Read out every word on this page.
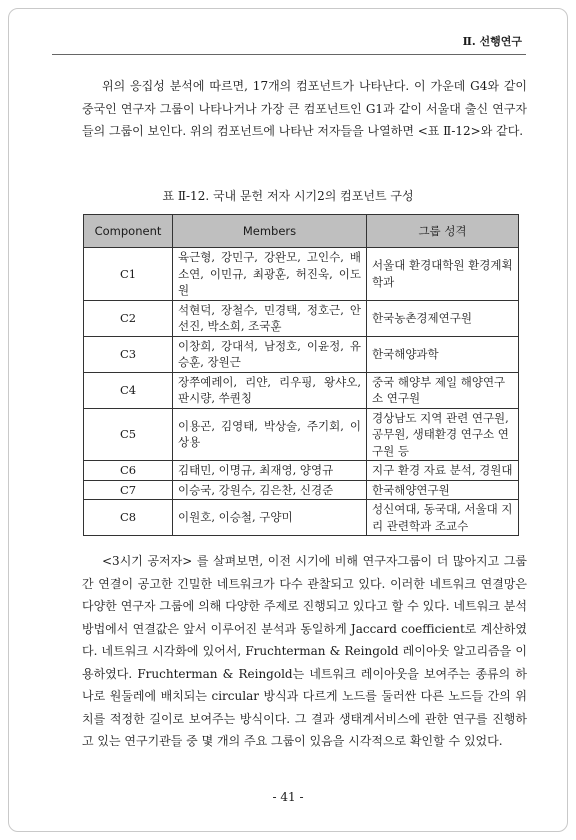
Ⅱ. 선행연구

위의 응집성 분석에 따르면, 17개의 컴포넌트가 나타난다. 이 가운데 G4와 같이 중국인 연구자 그룹이 나타나거나 가장 큰 컴포넌트인 G1과 같이 서울대 출신 연구자들의 그룹이 보인다. 위의 컴포넌트에 나타난 저자들을 나열하면 <표 Ⅱ-12>와 같다.

표 Ⅱ-12. 국내 문헌 저자 시기2의 컴포넌트 구성
Component	Members	그룹 성격
C1	육근형, 강민구, 강완모, 고인수, 배소연, 이민규, 최광훈, 허진욱, 이도원	서울대 환경대학원 환경계획학과
C2	석현덕, 장철수, 민경택, 정호근, 안선진, 박소희, 조국훈	한국농촌경제연구원
C3	이창희, 강대석, 남정호, 이윤정, 유승훈, 장원근	한국해양과학
C4	장쭈예레이, 리얀, 리우핑, 왕샤오, 판시량, 쑤퀀칭	중국 해양부 제일 해양연구소 연구원
C5	이용곤, 김영태, 박상술, 주기회, 이상용	경상남도 지역 관련 연구원, 공무원, 생태환경 연구소 연구원 등
C6	김태민, 이명규, 최재영, 양영규	지구 환경 자료 분석, 경원대
C7	이승국, 강원수, 김은찬, 신경준	한국해양연구원
C8	이원호, 이승철, 구양미	성신여대, 동국대, 서울대 지리 관련학과 조교수

<3시기 공저자> 를 살펴보면, 이전 시기에 비해 연구자그룹이 더 많아지고 그룹 간 연결이 공고한 긴밀한 네트워크가 다수 관찰되고 있다. 이러한 네트워크 연결망은 다양한 연구자 그룹에 의해 다양한 주제로 진행되고 있다고 할 수 있다. 네트워크 분석 방법에서 연결값은 앞서 이루어진 분석과 동일하게 Jaccard coefficient로 계산하였다. 네트워크 시각화에 있어서, Fruchterman & Reingold 레이아웃 알고리즘을 이용하였다. Fruchterman & Reingold는 네트워크 레이아웃을 보여주는 종류의 하나로 원둘레에 배치되는 circular 방식과 다르게 노드를 둘러싼 다른 노드들 간의 위치를 적정한 길이로 보여주는 방식이다. 그 결과 생태계서비스에 관한 연구를 진행하고 있는 연구기관들 중 몇 개의 주요 그룹이 있음을 시각적으로 확인할 수 있었다.

- 41 -
